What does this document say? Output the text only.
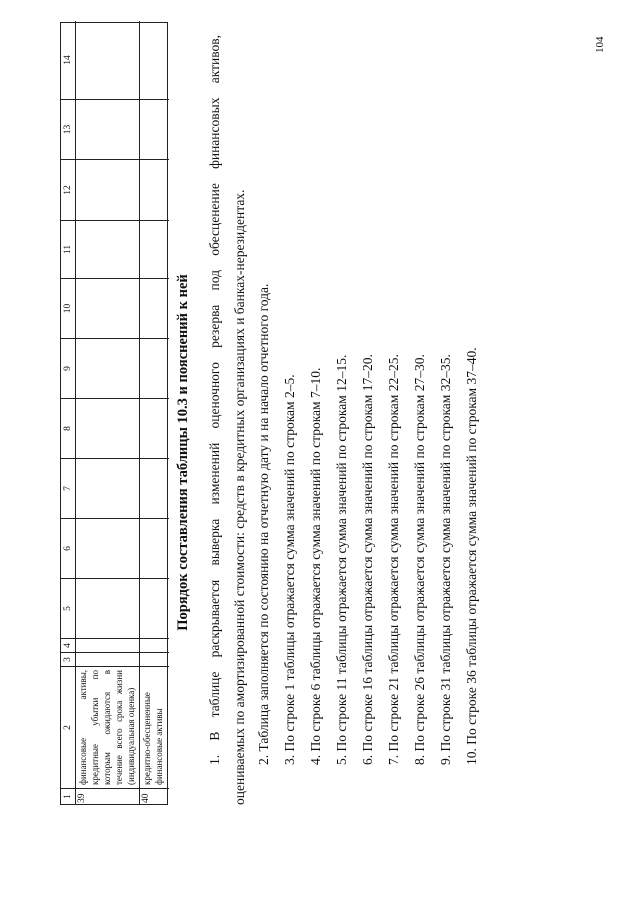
104
1
2
3
4
5
6
7
8
9
10
11
12
13
14
39
финансовые активы, кредитные убытки по которым ожидаются в течение всего срока жизни (индивидуальная оценка)
40
кредитно-обесцененные финансовые активы
Порядок составления таблицы 10.3 и пояснений к ней 1. В таблице раскрывается выверка изменений оценочного резерва под обесценение финансовых активов, оцениваемых по амортизированной стоимости: средств в кредитных организациях и банках-нерезидентах. 2. Таблица заполняется по состоянию на отчетную дату и на начало отчетного года. 3. По строке 1 таблицы отражается сумма значений по строкам 2–5. 4. По строке 6 таблицы отражается сумма значений по строкам 7–10. 5. По строке 11 таблицы отражается сумма значений по строкам 12–15. 6. По строке 16 таблицы отражается сумма значений по строкам 17–20. 7. По строке 21 таблицы отражается сумма значений по строкам 22–25. 8. По строке 26 таблицы отражается сумма значений по строкам 27–30. 9. По строке 31 таблицы отражается сумма значений по строкам 32–35. 10. По строке 36 таблицы отражается сумма значений по строкам 37–40.
